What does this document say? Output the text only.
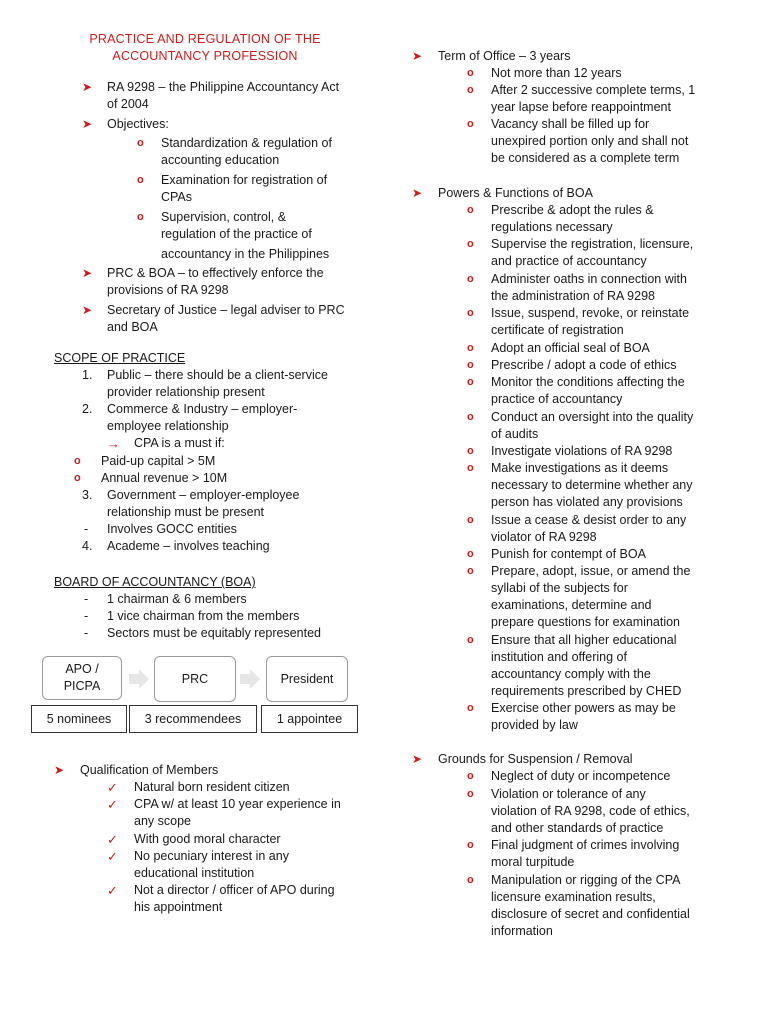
PRACTICE AND REGULATION OF THE
ACCOUNTANCY PROFESSION
➤ RA 9298 – the Philippine Accountancy Act
of 2004
➤ Objectives:
o Standardization & regulation of
accounting education
o Examination for registration of
CPAs
o Supervision, control, &
regulation of the practice of
accountancy in the Philippines
➤ PRC & BOA – to effectively enforce the
provisions of RA 9298
➤ Secretary of Justice – legal adviser to PRC
and BOA
SCOPE OF PRACTICE
1. Public – there should be a client-service
provider relationship present
2. Commerce & Industry – employer-
employee relationship
→ CPA is a must if:
o Paid-up capital > 5M
o Annual revenue > 10M
3. Government – employer-employee
relationship must be present
- Involves GOCC entities
4. Academe – involves teaching
BOARD OF ACCOUNTANCY (BOA)
- 1 chairman & 6 members
- 1 vice chairman from the members
- Sectors must be equitably represented
APO /
PICPA	PRC	President
5 nominees	3 recommendees	1 appointee
➤ Qualification of Members
✓ Natural born resident citizen
✓ CPA w/ at least 10 year experience in
any scope
✓ With good moral character
✓ No pecuniary interest in any
educational institution
✓ Not a director / officer of APO during
his appointment
➤ Term of Office – 3 years
o Not more than 12 years
o After 2 successive complete terms, 1
year lapse before reappointment
o Vacancy shall be filled up for
unexpired portion only and shall not
be considered as a complete term
➤ Powers & Functions of BOA
o Prescribe & adopt the rules &
regulations necessary
o Supervise the registration, licensure,
and practice of accountancy
o Administer oaths in connection with
the administration of RA 9298
o Issue, suspend, revoke, or reinstate
certificate of registration
o Adopt an official seal of BOA
o Prescribe / adopt a code of ethics
o Monitor the conditions affecting the
practice of accountancy
o Conduct an oversight into the quality
of audits
o Investigate violations of RA 9298
o Make investigations as it deems
necessary to determine whether any
person has violated any provisions
o Issue a cease & desist order to any
violator of RA 9298
o Punish for contempt of BOA
o Prepare, adopt, issue, or amend the
syllabi of the subjects for
examinations, determine and
prepare questions for examination
o Ensure that all higher educational
institution and offering of
accountancy comply with the
requirements prescribed by CHED
o Exercise other powers as may be
provided by law
➤ Grounds for Suspension / Removal
o Neglect of duty or incompetence
o Violation or tolerance of any
violation of RA 9298, code of ethics,
and other standards of practice
o Final judgment of crimes involving
moral turpitude
o Manipulation or rigging of the CPA
licensure examination results,
disclosure of secret and confidential
information
